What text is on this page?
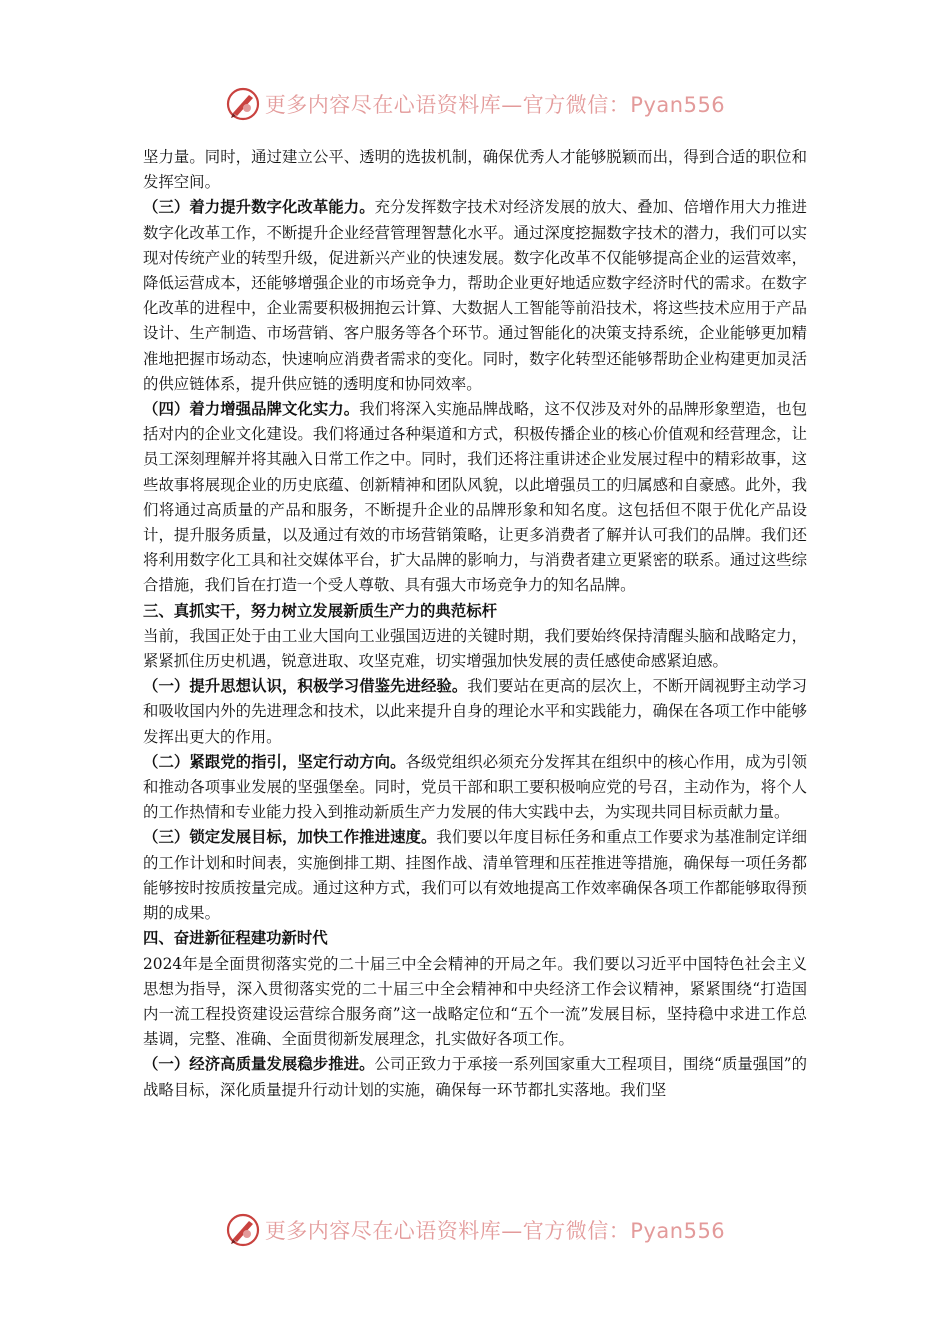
更多内容尽在心语资料库—官方微信：Pyan556

坚力量。同时，通过建立公平、透明的选拔机制，确保优秀人才能够脱颖而出，得到合适的职位和发挥空间。

（三）着力提升数字化改革能力。充分发挥数字技术对经济发展的放大、叠加、倍增作用大力推进数字化改革工作，不断提升企业经营管理智慧化水平。通过深度挖掘数字技术的潜力，我们可以实现对传统产业的转型升级，促进新兴产业的快速发展。数字化改革不仅能够提高企业的运营效率，降低运营成本，还能够增强企业的市场竞争力，帮助企业更好地适应数字经济时代的需求。在数字化改革的进程中，企业需要积极拥抱云计算、大数据人工智能等前沿技术，将这些技术应用于产品设计、生产制造、市场营销、客户服务等各个环节。通过智能化的决策支持系统，企业能够更加精准地把握市场动态，快速响应消费者需求的变化。同时，数字化转型还能够帮助企业构建更加灵活的供应链体系，提升供应链的透明度和协同效率。

（四）着力增强品牌文化实力。我们将深入实施品牌战略，这不仅涉及对外的品牌形象塑造，也包括对内的企业文化建设。我们将通过各种渠道和方式，积极传播企业的核心价值观和经营理念，让员工深刻理解并将其融入日常工作之中。同时，我们还将注重讲述企业发展过程中的精彩故事，这些故事将展现企业的历史底蕴、创新精神和团队风貌，以此增强员工的归属感和自豪感。此外，我们将通过高质量的产品和服务，不断提升企业的品牌形象和知名度。这包括但不限于优化产品设计，提升服务质量，以及通过有效的市场营销策略，让更多消费者了解并认可我们的品牌。我们还将利用数字化工具和社交媒体平台，扩大品牌的影响力，与消费者建立更紧密的联系。通过这些综合措施，我们旨在打造一个受人尊敬、具有强大市场竞争力的知名品牌。

三、真抓实干，努力树立发展新质生产力的典范标杆

当前，我国正处于由工业大国向工业强国迈进的关键时期，我们要始终保持清醒头脑和战略定力，紧紧抓住历史机遇，锐意进取、攻坚克难，切实增强加快发展的责任感使命感紧迫感。

（一）提升思想认识，积极学习借鉴先进经验。我们要站在更高的层次上，不断开阔视野主动学习和吸收国内外的先进理念和技术，以此来提升自身的理论水平和实践能力，确保在各项工作中能够发挥出更大的作用。

（二）紧跟党的指引，坚定行动方向。各级党组织必须充分发挥其在组织中的核心作用，成为引领和推动各项事业发展的坚强堡垒。同时，党员干部和职工要积极响应党的号召，主动作为，将个人的工作热情和专业能力投入到推动新质生产力发展的伟大实践中去，为实现共同目标贡献力量。

（三）锁定发展目标，加快工作推进速度。我们要以年度目标任务和重点工作要求为基准制定详细的工作计划和时间表，实施倒排工期、挂图作战、清单管理和压茬推进等措施，确保每一项任务都能够按时按质按量完成。通过这种方式，我们可以有效地提高工作效率确保各项工作都能够取得预期的成果。

四、奋进新征程建功新时代

2024年是全面贯彻落实党的二十届三中全会精神的开局之年。我们要以习近平中国特色社会主义思想为指导，深入贯彻落实党的二十届三中全会精神和中央经济工作会议精神，紧紧围绕“打造国内一流工程投资建设运营综合服务商”这一战略定位和“五个一流”发展目标，坚持稳中求进工作总基调，完整、准确、全面贯彻新发展理念，扎实做好各项工作。

（一）经济高质量发展稳步推进。公司正致力于承接一系列国家重大工程项目，围绕“质量强国”的战略目标，深化质量提升行动计划的实施，确保每一环节都扎实落地。我们坚

更多内容尽在心语资料库—官方微信：Pyan556
